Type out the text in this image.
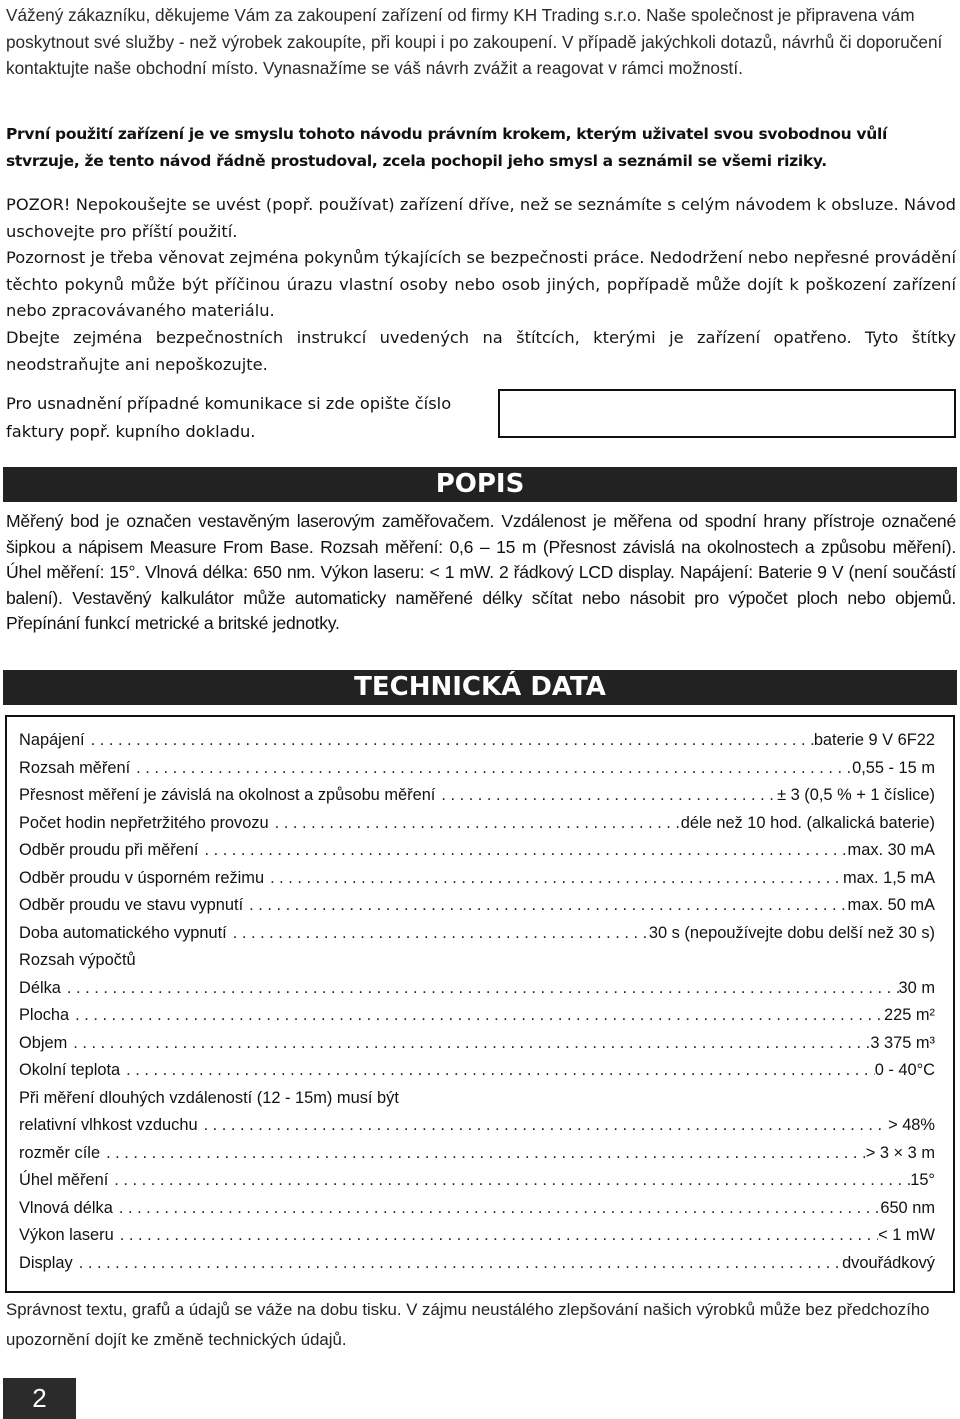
Vážený zákazníku, děkujeme Vám za zakoupení zařízení od firmy KH Trading s.r.o. Naše společnost je připravena vám poskytnout své služby - než výrobek zakoupíte, při koupi i po zakoupení. V případě jakýchkoli dotazů, návrhů či doporučení kontaktujte naše obchodní místo. Vynasnažíme se váš návrh zvážit a reagovat v rámci možností.

První použití zařízení je ve smyslu tohoto návodu právním krokem, kterým uživatel svou svobodnou vůlí stvrzuje, že tento návod řádně prostudoval, zcela pochopil jeho smysl a seznámil se všemi riziky.

POZOR! Nepokoušejte se uvést (popř. používat) zařízení dříve, než se seznámíte s celým návodem k obsluze. Návod uschovejte pro příští použití.

Pozornost je třeba věnovat zejména pokynům týkajících se bezpečnosti práce. Nedodržení nebo nepřesné provádění těchto pokynů může být příčinou úrazu vlastní osoby nebo osob jiných, popřípadě může dojít k poškození zařízení nebo zpracovávaného materiálu.

Dbejte zejména bezpečnostních instrukcí uvedených na štítcích, kterými je zařízení opatřeno. Tyto štítky neodstraňujte ani nepoškozujte.

Pro usnadnění případné komunikace si zde opište číslo faktury popř. kupního dokladu.
POPIS

Měřený bod je označen vestavěným laserovým zaměřovačem. Vzdálenost je měřena od spodní hrany přístroje označené šipkou a nápisem Measure From Base. Rozsah měření: 0,6 – 15 m (Přesnost závislá na okolnostech a způsobu měření). Úhel měření: 15°. Vlnová délka: 650 nm. Výkon laseru: < 1 mW. 2 řádkový LCD display. Napájení: Baterie 9 V (není součástí balení). Vestavěný kalkulátor může automaticky naměřené délky sčítat nebo násobit pro výpočet ploch nebo objemů. Přepínání funkcí metrické a britské jednotky.

TECHNICKÁ DATA
Napájení . . .	baterie 9 V 6F22
Rozsah měření . . .	0,55 - 15 m
Přesnost měření je závislá na okolnost a způsobu měření . . .	± 3 (0,5 % + 1 číslice)
Počet hodin nepřetržitého provozu . . .	déle než 10 hod. (alkalická baterie)
Odběr proudu při měření . . .	max. 30 mA
Odběr proudu v úsporném režimu . . .	max. 1,5 mA
Odběr proudu ve stavu vypnutí . . .	max. 50 mA
Doba automatického vypnutí . . .	30 s (nepoužívejte dobu delší než 30 s)
Rozsah výpočtů
Délka . . .	30 m
Plocha . . .	225 m²
Objem . . .	3 375 m³
Okolní teplota . . .	0 - 40°C
Při měření dlouhých vzdáleností (12 - 15m) musí být
relativní vlhkost vzduchu . . .	> 48%
rozměr cíle . . .	> 3 × 3 m
Úhel měření . . .	15°
Vlnová délka . . .	650 nm
Výkon laseru . . .	< 1 mW
Display . . .	dvouřádkový

Správnost textu, grafů a údajů se váže na dobu tisku. V zájmu neustálého zlepšování našich výrobků může bez předchozího upozornění dojít ke změně technických údajů.

2
